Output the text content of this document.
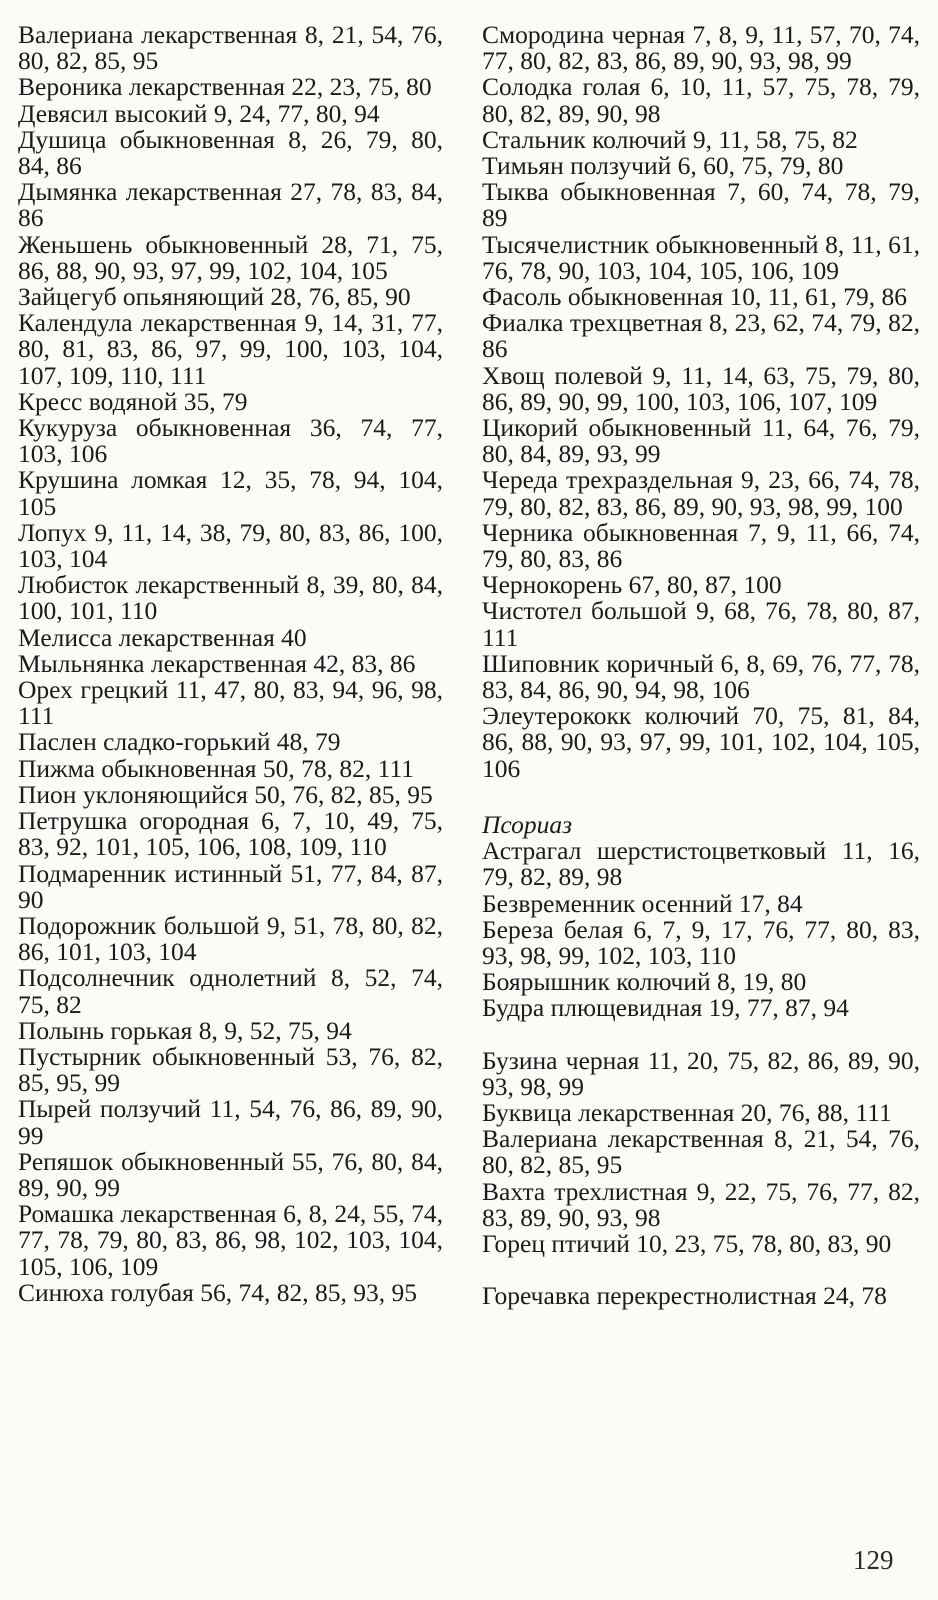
Валериана лекарственная 8, 21, 54, 76, 80, 82, 85, 95

Вероника лекарственная 22, 23, 75, 80

Девясил высокий 9, 24, 77, 80, 94

Душица обыкновенная 8, 26, 79, 80, 84, 86

Дымянка лекарственная 27, 78, 83, 84, 86

Женьшень обыкновенный 28, 71, 75, 86, 88, 90, 93, 97, 99, 102, 104, 105

Зайцегуб опьяняющий 28, 76, 85, 90

Календула лекарственная 9, 14, 31, 77, 80, 81, 83, 86, 97, 99, 100, 103, 104, 107, 109, 110, 111

Кресс водяной 35, 79

Кукуруза обыкновенная 36, 74, 77, 103, 106

Крушина ломкая 12, 35, 78, 94, 104, 105

Лопух 9, 11, 14, 38, 79, 80, 83, 86, 100, 103, 104

Любисток лекарственный 8, 39, 80, 84, 100, 101, 110

Мелисса лекарственная 40

Мыльнянка лекарственная 42, 83, 86

Орех грецкий 11, 47, 80, 83, 94, 96, 98, 111

Паслен сладко-горький 48, 79

Пижма обыкновенная 50, 78, 82, 111

Пион уклоняющийся 50, 76, 82, 85, 95

Петрушка огородная 6, 7, 10, 49, 75, 83, 92, 101, 105, 106, 108, 109, 110

Подмаренник истинный 51, 77, 84, 87, 90

Подорожник большой 9, 51, 78, 80, 82, 86, 101, 103, 104

Подсолнечник однолетний 8, 52, 74, 75, 82

Полынь горькая 8, 9, 52, 75, 94

Пустырник обыкновенный 53, 76, 82, 85, 95, 99

Пырей ползучий 11, 54, 76, 86, 89, 90, 99

Репяшок обыкновенный 55, 76, 80, 84, 89, 90, 99

Ромашка лекарственная 6, 8, 24, 55, 74, 77, 78, 79, 80, 83, 86, 98, 102, 103, 104, 105, 106, 109

Синюха голубая 56, 74, 82, 85, 93, 95

Смородина черная 7, 8, 9, 11, 57, 70, 74, 77, 80, 82, 83, 86, 89, 90, 93, 98, 99

Солодка голая 6, 10, 11, 57, 75, 78, 79, 80, 82, 89, 90, 98

Стальник колючий 9, 11, 58, 75, 82

Тимьян ползучий 6, 60, 75, 79, 80

Тыква обыкновенная 7, 60, 74, 78, 79, 89

Тысячелистник обыкновенный 8, 11, 61, 76, 78, 90, 103, 104, 105, 106, 109

Фасоль обыкновенная 10, 11, 61, 79, 86

Фиалка трехцветная 8, 23, 62, 74, 79, 82, 86

Хвощ полевой 9, 11, 14, 63, 75, 79, 80, 86, 89, 90, 99, 100, 103, 106, 107, 109

Цикорий обыкновенный 11, 64, 76, 79, 80, 84, 89, 93, 99

Череда трехраздельная 9, 23, 66, 74, 78, 79, 80, 82, 83, 86, 89, 90, 93, 98, 99, 100

Черника обыкновенная 7, 9, 11, 66, 74, 79, 80, 83, 86

Чернокорень 67, 80, 87, 100

Чистотел большой 9, 68, 76, 78, 80, 87, 111

Шиповник коричный 6, 8, 69, 76, 77, 78, 83, 84, 86, 90, 94, 98, 106

Элеутерококк колючий 70, 75, 81, 84, 86, 88, 90, 93, 97, 99, 101, 102, 104, 105, 106

Псориаз

Астрагал шерстистоцветковый 11, 16, 79, 82, 89, 98

Безвременник осенний 17, 84

Береза белая 6, 7, 9, 17, 76, 77, 80, 83, 93, 98, 99, 102, 103, 110

Боярышник колючий 8, 19, 80

Будра плющевидная 19, 77, 87, 94

Бузина черная 11, 20, 75, 82, 86, 89, 90, 93, 98, 99

Буквица лекарственная 20, 76, 88, 111

Валериана лекарственная 8, 21, 54, 76, 80, 82, 85, 95

Вахта трехлистная 9, 22, 75, 76, 77, 82, 83, 89, 90, 93, 98

Горец птичий 10, 23, 75, 78, 80, 83, 90

Горечавка перекрестнолистная 24, 78

129
